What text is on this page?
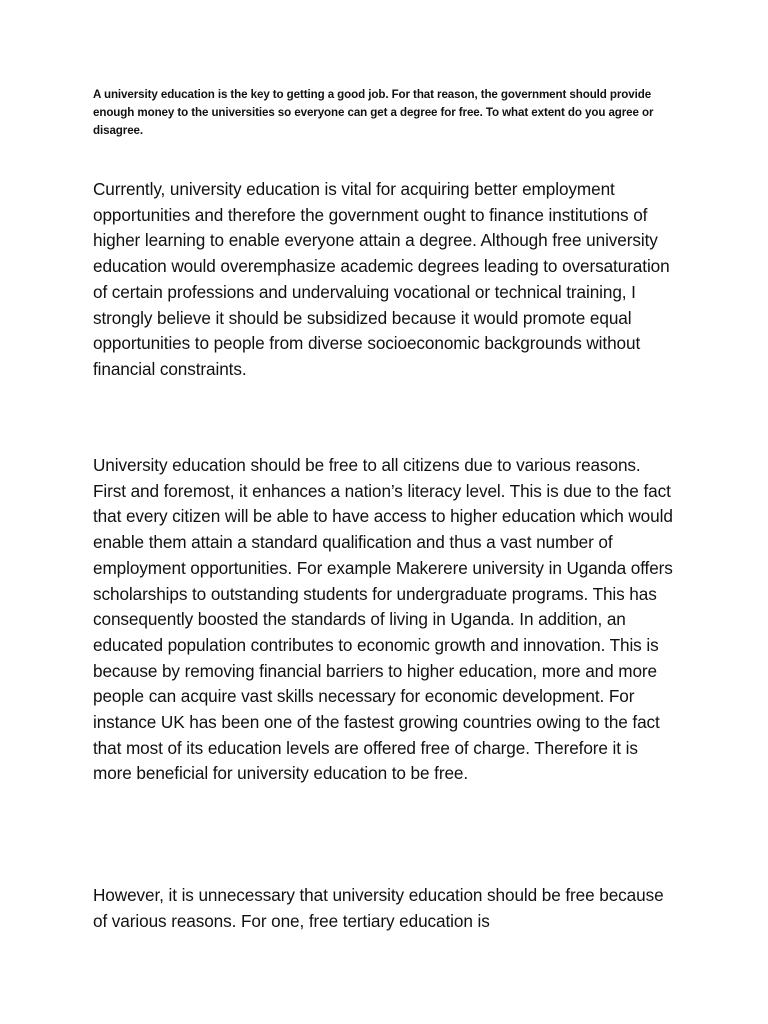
A university education is the key to getting a good job. For that reason, the government should provide enough money to the universities so everyone can get a degree for free. To what extent do you agree or disagree.

Currently, university education is vital for acquiring better employment opportunities and therefore the government ought to finance institutions of higher learning to enable everyone attain a degree. Although free university education would overemphasize academic degrees leading to oversaturation of certain professions and undervaluing vocational or technical training, I strongly believe it should be subsidized because it would promote equal opportunities to people from diverse socioeconomic backgrounds without financial constraints.

University education should be free to all citizens due to various reasons. First and foremost, it enhances a nation’s literacy level. This is due to the fact that every citizen will be able to have access to higher education which would enable them attain a standard qualification and thus a vast number of employment opportunities. For example Makerere university in Uganda offers scholarships to outstanding students for undergraduate programs. This has consequently boosted the standards of living in Uganda. In addition, an educated population contributes to economic growth and innovation. This is because by removing financial barriers to higher education, more and more people can acquire vast skills necessary for economic development. For instance UK has been one of the fastest growing countries owing to the fact that most of its education levels are offered free of charge. Therefore it is more beneficial for university education to be free.

However, it is unnecessary that university education should be free because of various reasons. For one, free tertiary education is
